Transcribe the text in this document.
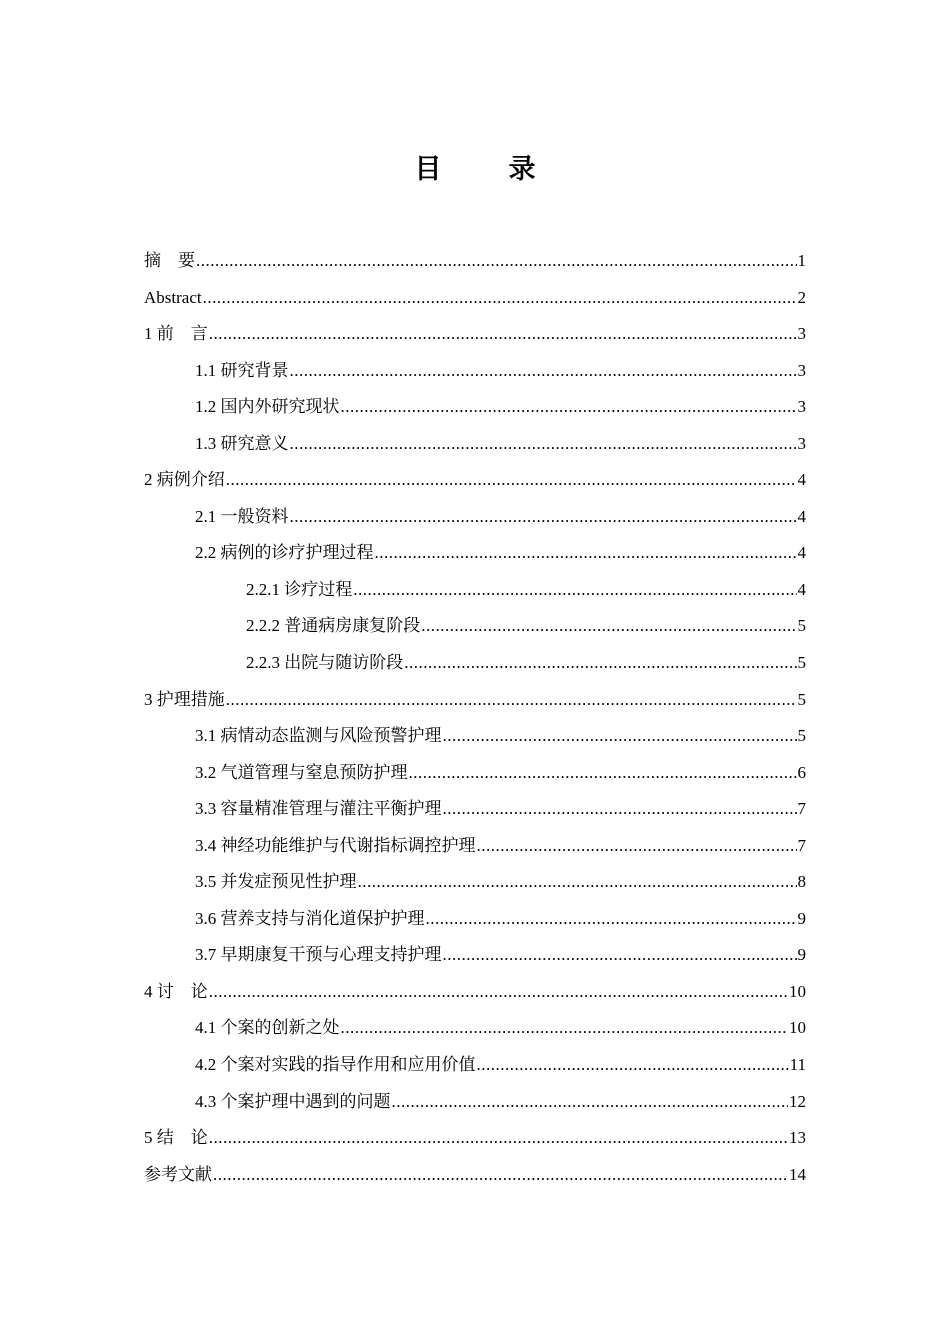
目　录
摘　要 .....	1
Abstract .....	2
1 前　言 .....	3
1.1 研究背景 .....	3
1.2 国内外研究现状 .....	3
1.3 研究意义 .....	3
2 病例介绍 .....	4
2.1 一般资料 .....	4
2.2 病例的诊疗护理过程 .....	4
2.2.1 诊疗过程 .....	4
2.2.2 普通病房康复阶段 .....	5
2.2.3 出院与随访阶段 .....	5
3 护理措施 .....	5
3.1 病情动态监测与风险预警护理 .....	5
3.2 气道管理与窒息预防护理 .....	6
3.3 容量精准管理与灌注平衡护理 .....	7
3.4 神经功能维护与代谢指标调控护理 .....	7
3.5 并发症预见性护理 .....	8
3.6 营养支持与消化道保护护理 .....	9
3.7 早期康复干预与心理支持护理 .....	9
4 讨　论 .....	10
4.1 个案的创新之处 .....	10
4.2 个案对实践的指导作用和应用价值 .....	11
4.3 个案护理中遇到的问题 .....	12
5 结　论 .....	13
参考文献 .....	14
